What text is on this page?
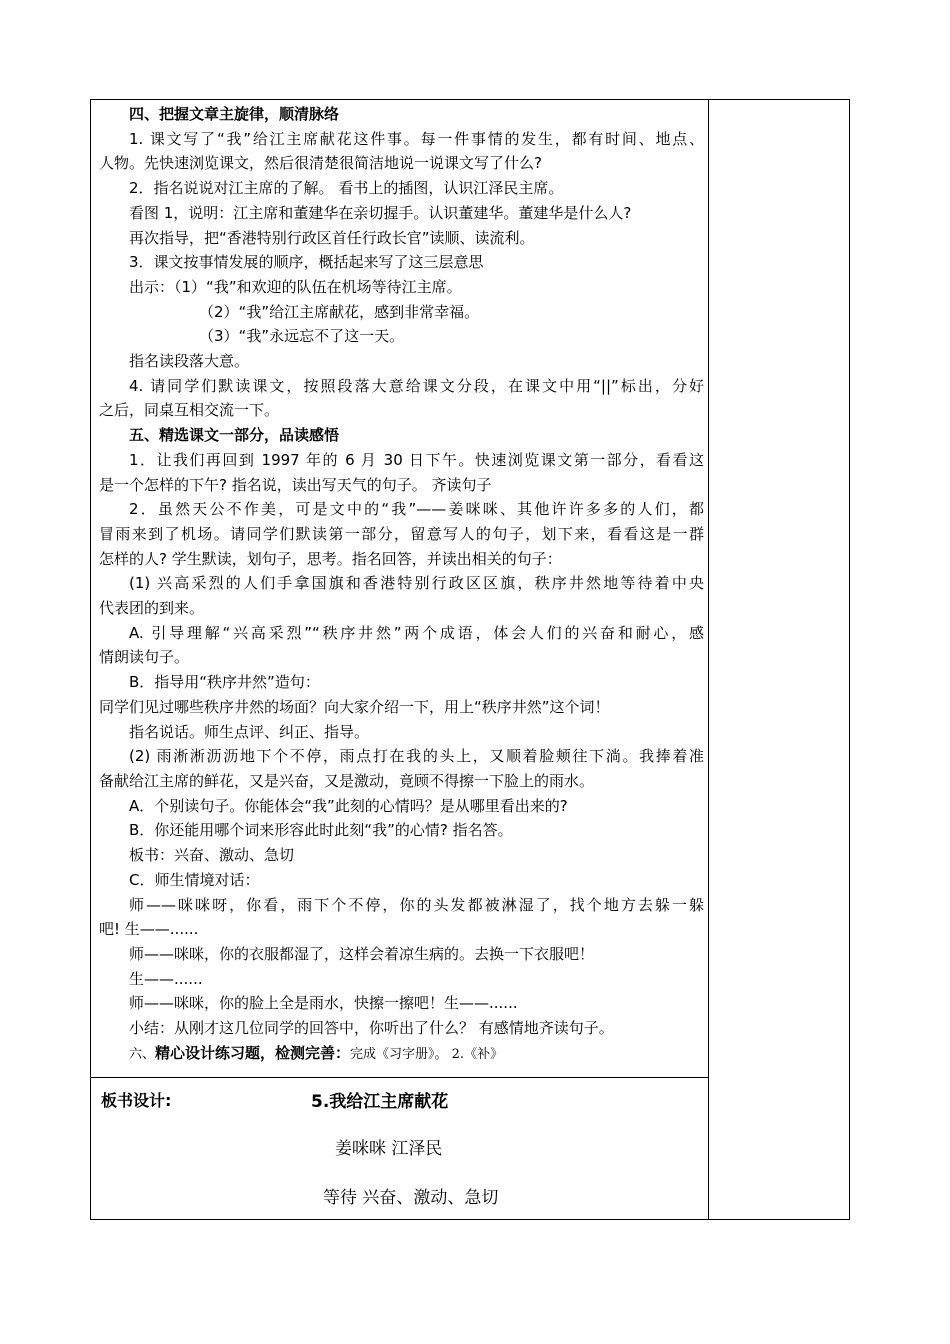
四、把握文章主旋律，顺清脉络
1. 课文写了“我”给江主席献花这件事。每一件事情的发生，都有时间、地点、
人物。先快速浏览课文，然后很清楚很简洁地说一说课文写了什么?
2．指名说说对江主席的了解。 看书上的插图，认识江泽民主席。
看图 1，说明：江主席和董建华在亲切握手。认识董建华。董建华是什么人?
再次指导，把“香港特别行政区首任行政长官”读顺、读流利。
3．课文按事情发展的顺序，概括起来写了这三层意思
出示：（1）“我”和欢迎的队伍在机场等待江主席。
（2）“我”给江主席献花，感到非常幸福。
（3）“我”永远忘不了这一天。
指名读段落大意。
4. 请同学们默读课文，按照段落大意给课文分段，在课文中用“||”标出，分好
之后，同桌互相交流一下。
五、精选课文一部分，品读感悟
1．让我们再回到 1997 年的 6 月 30 日下午。快速浏览课文第一部分，看看这
是一个怎样的下午? 指名说，读出写天气的句子。 齐读句子
2．虽然天公不作美，可是文中的“我”——姜咪咪、其他许许多多的人们，都
冒雨来到了机场。请同学们默读第一部分，留意写人的句子，划下来，看看这是一群
怎样的人? 学生默读，划句子，思考。指名回答，并读出相关的句子：
(1) 兴高采烈的人们手拿国旗和香港特别行政区区旗，秩序井然地等待着中央
代表团的到来。
A. 引导理解“兴高采烈”“秩序井然”两个成语，体会人们的兴奋和耐心，感
情朗读句子。
B．指导用“秩序井然”造句：
同学们见过哪些秩序井然的场面？向大家介绍一下，用上“秩序井然”这个词！
指名说话。师生点评、纠正、指导。
(2) 雨淅淅沥沥地下个不停，雨点打在我的头上，又顺着脸颊往下淌。我捧着准
备献给江主席的鲜花，又是兴奋，又是激动，竟顾不得擦一下脸上的雨水。
A．个别读句子。你能体会“我”此刻的心情吗？是从哪里看出来的?
B．你还能用哪个词来形容此时此刻“我”的心情? 指名答。
板书：兴奋、激动、急切
C．师生情境对话：
师——咪咪呀，你看，雨下个不停，你的头发都被淋湿了，找个地方去躲一躲
吧! 生——......
师——咪咪，你的衣服都湿了，这样会着凉生病的。去换一下衣服吧！
生——......
师——咪咪，你的脸上全是雨水，快擦一擦吧！生——......
小结：从刚才这几位同学的回答中，你听出了什么？ 有感情地齐读句子。
六、精心设计练习题，检测完善：完成《习字册》。 2.《补》
板书设计:	5.我给江主席献花
姜咪咪 江泽民
等待 兴奋、激动、急切
